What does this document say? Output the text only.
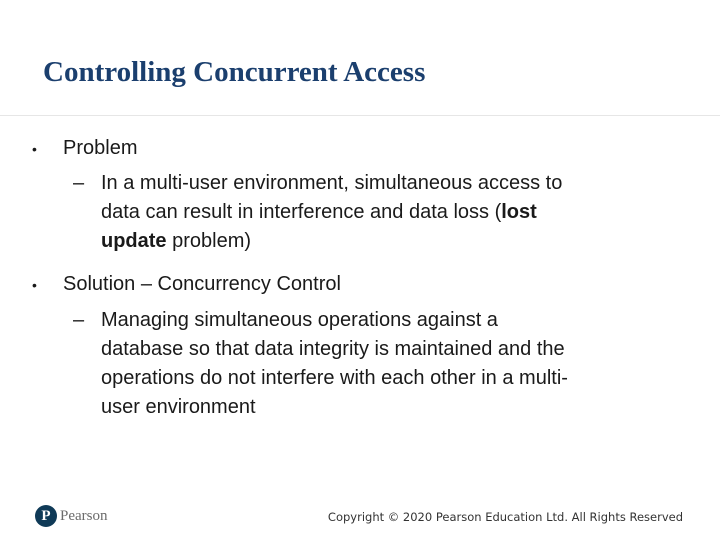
Controlling Concurrent Access
• Problem
– In a multi-user environment, simultaneous access to
data can result in interference and data loss (lost
update problem)
• Solution – Concurrency Control
– Managing simultaneous operations against a
database so that data integrity is maintained and the
operations do not interfere with each other in a multi-
user environment
P Pearson	Copyright © 2020 Pearson Education Ltd. All Rights Reserved
